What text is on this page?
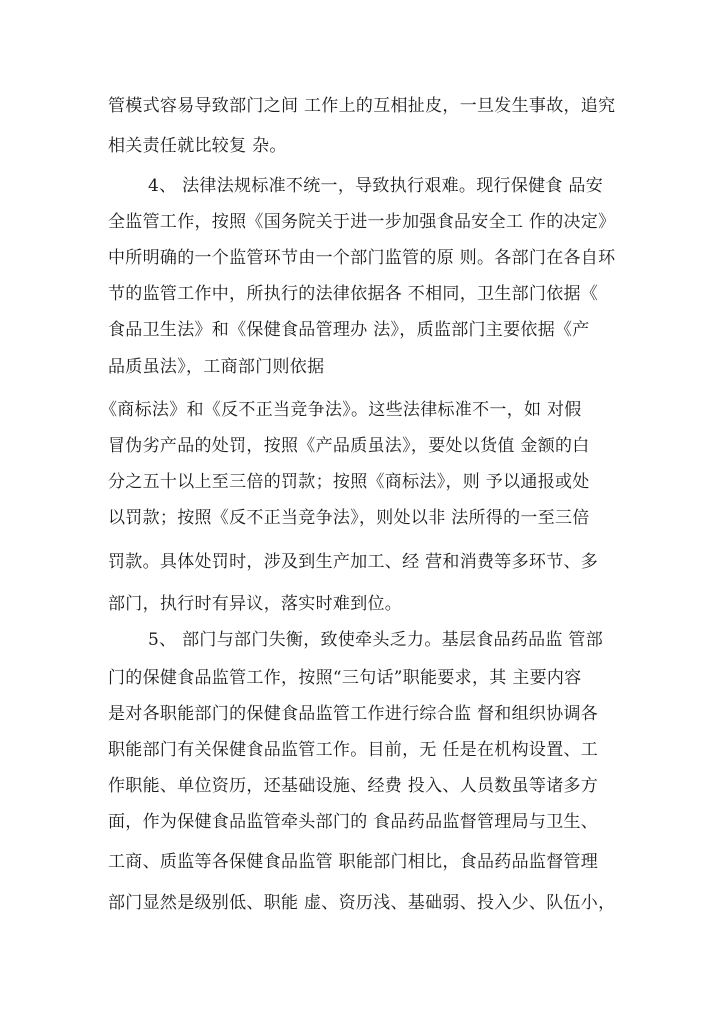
管模式容易导致部门之间 工作上的互相扯皮，一旦发生事故，追究
相关责任就比较复 杂。
4、 法律法规标准不统一，导致执行艰难。现行保健食 品安
全监管工作，按照《国务院关于进一步加强食品安全工 作的决定》
中所明确的一个监管环节由一个部门监管的原 则。各部门在各自环
节的监管工作中，所执行的法律依据各 不相同，卫生部门依据《
食品卫生法》和《保健食品管理办 法》，质监部门主要依据《产
品质虽法》，工商部门则依据
《商标法》和《反不正当竞争法》。这些法律标准不一，如 对假
冒伪劣产品的处罚，按照《产品质虽法》，要处以货值 金额的白
分之五十以上至三倍的罚款；按照《商标法》，则 予以通报或处
以罚款；按照《反不正当竞争法》，则处以非 法所得的一至三倍
罚款。具体处罚时，涉及到生产加工、经 营和消费等多环节、多
部门，执行时有异议，落实时难到位。
5、 部门与部门失衡，致使牵头乏力。基层食品药品监 管部
门的保健食品监管工作，按照“三句话”职能要求，其 主要内容
是对各职能部门的保健食品监管工作进行综合监 督和组织协调各
职能部门有关保健食品监管工作。目前，无 任是在机构设置、工
作职能、单位资历，还基础设施、经费 投入、人员数虽等诸多方
面，作为保健食品监管牵头部门的 食品药品监督管理局与卫生、
工商、质监等各保健食品监管 职能部门相比，食品药品监督管理
部门显然是级别低、职能 虚、资历浅、基础弱、投入少、队伍小，
